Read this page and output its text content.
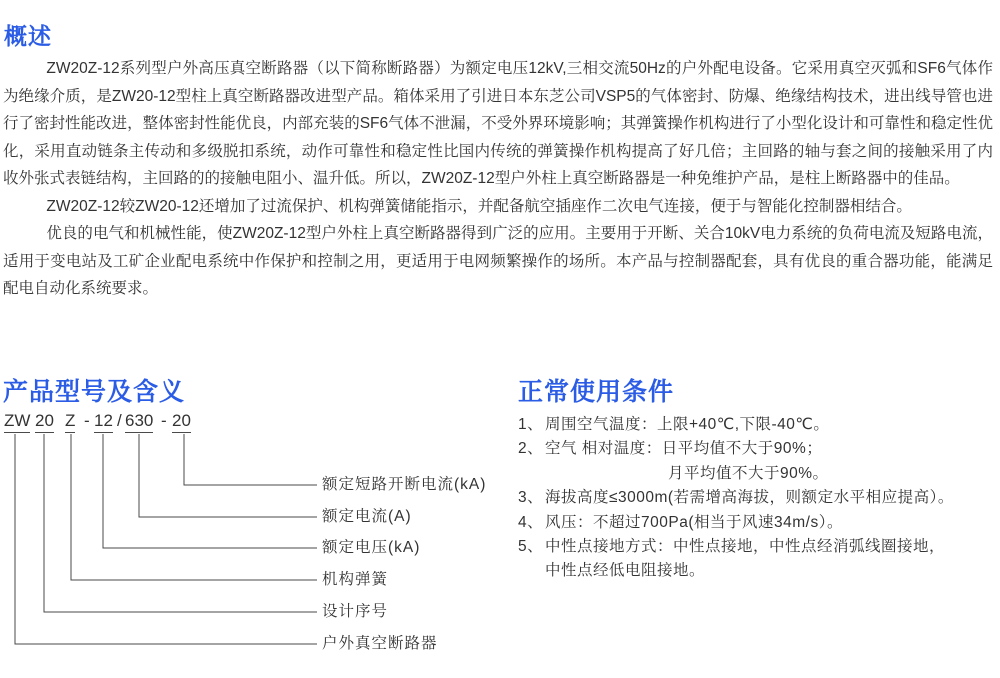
概述

ZW20Z-12系列型户外高压真空断路器（以下简称断路器）为额定电压12kV,三相交流50Hz的户外配电设备。它采用真空灭弧和SF6气体作为绝缘介质，是ZW20-12型柱上真空断路器改进型产品。箱体采用了引进日本东芝公司VSP5的气体密封、防爆、绝缘结构技术，进出线导管也进行了密封性能改进，整体密封性能优良，内部充装的SF6气体不泄漏，不受外界环境影响；其弹簧操作机构进行了小型化设计和可靠性和稳定性优化，采用直动链条主传动和多级脱扣系统，动作可靠性和稳定性比国内传统的弹簧操作机构提高了好几倍；主回路的轴与套之间的接触采用了内收外张式表链结构，主回路的的接触电阻小、温升低。所以，ZW20Z-12型户外柱上真空断路器是一种免维护产品，是柱上断路器中的佳品。

ZW20Z-12较ZW20-12还增加了过流保护、机构弹簧储能指示，并配备航空插座作二次电气连接，便于与智能化控制器相结合。

优良的电气和机械性能，使ZW20Z-12型户外柱上真空断路器得到广泛的应用。主要用于开断、关合10kV电力系统的负荷电流及短路电流，适用于变电站及工矿企业配电系统中作保护和控制之用，更适用于电网频繁操作的场所。本产品与控制器配套，具有优良的重合器功能，能满足配电自动化系统要求。

产品型号及含义
ZW 20 Z - 12 / 630 - 20
额定短路开断电流(kA)
额定电流(A)
额定电压(kA)
机构弹簧
设计序号
户外真空断路器
正常使用条件
1、 周围空气温度：上限+40℃,下限-40℃。
2、 空气 相对温度：日平均值不大于90%；
月平均值不大于90%。
3、 海拔高度≤3000m(若需增高海拔，则额定水平相应提高）。
4、 风压：不超过700Pa(相当于风速34m/s）。
5、 中性点接地方式：中性点接地，中性点经消弧线圈接地，
中性点经低电阻接地。
